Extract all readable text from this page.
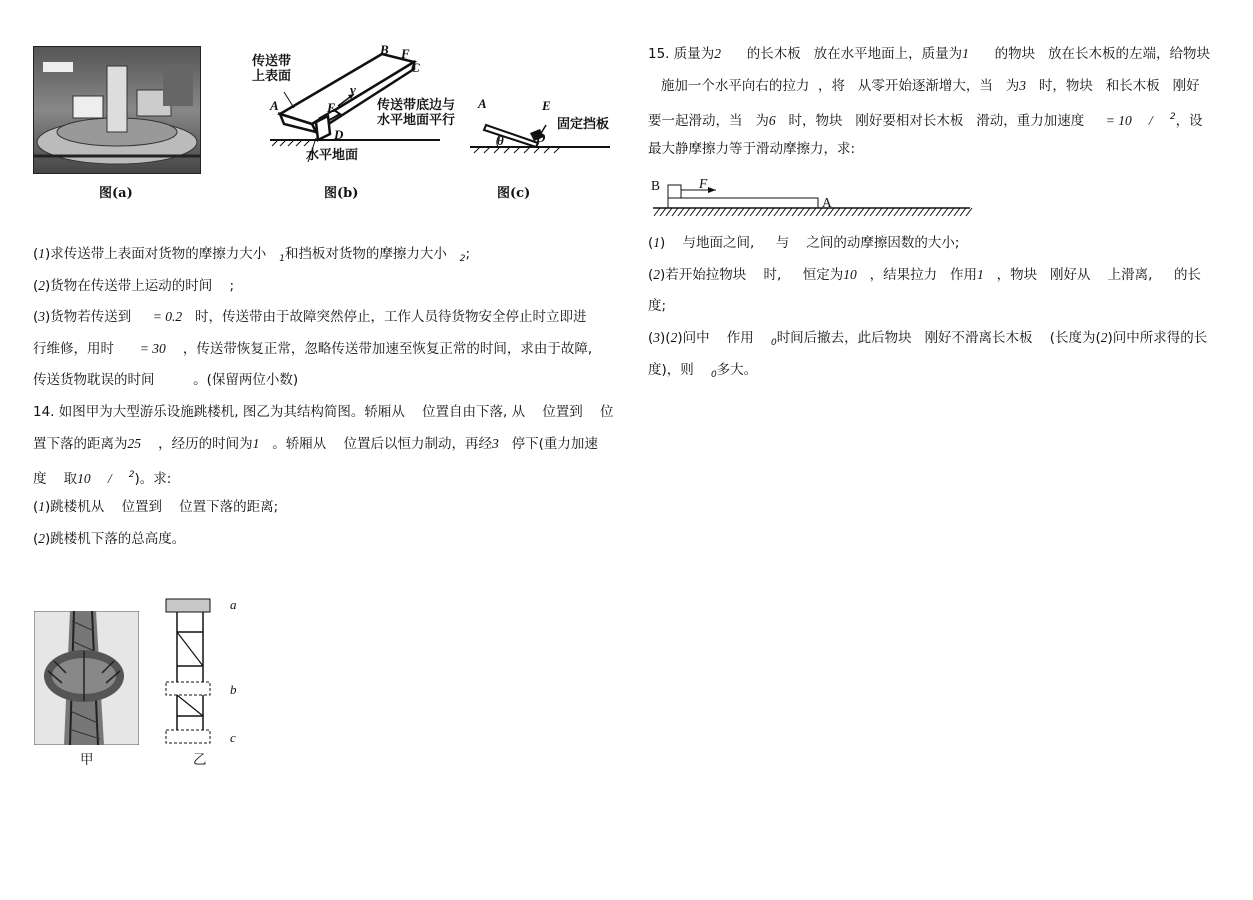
图(a)
传送带
上表面
传送带底边与
水平地面平行
水平地面
A
B F
C
E
D
v
图(b)
A	E
D
θ
固定挡板
图(c)
(1)求传送带上表面对货物的摩擦力大小 $_1$和挡板对货物的摩擦力大小 $_2$;
(2)货物在传送带上运动的时间 ;
(3)货物若传送到 = 0.2 时，传送带由于故障突然停止，工作人员待货物安全停止时立即进
行维修，用时 = 30 ，传送带恢复正常，忽略传送带加速至恢复正常的时间，求由于故障,
传送货物耽误的时间	。(保留两位小数)
14. 如图甲为大型游乐设施跳楼机, 图乙为其结构简图。轿厢从 位置自由下落, 从 位置到 位
置下落的距离为25 ，经历的时间为1 。轿厢从 位置后以恒力制动，再经3 停下(重力加速
度 取10 / $^2$)。求:
(1)跳楼机从 位置到 位置下落的距离;
(2)跳楼机下落的总高度。
a
b
c
甲	乙
15. 质量为2 的长木板 放在水平地面上，质量为1 的物块 放在长木板的左端，给物块
施加一个水平向右的拉力 ，将 从零开始逐渐增大，当 为3 时，物块 和长木板 刚好
要一起滑动，当 为6 时，物块 刚好要相对长木板 滑动，重力加速度 = 10 / $^2$，设
最大静摩擦力等于滑动摩擦力，求:
B	F
A
(1) 与地面之间, 与 之间的动摩擦因数的大小;
(2)若开始拉物块 时, 恒定为10 ，结果拉力 作用1 ，物块 刚好从 上滑离, 的长
度;
(3)(2)问中 作用 $_0$时间后撤去，此后物块 刚好不滑离长木板 (长度为(2)问中所求得的长
度)，则 $_0$多大。
